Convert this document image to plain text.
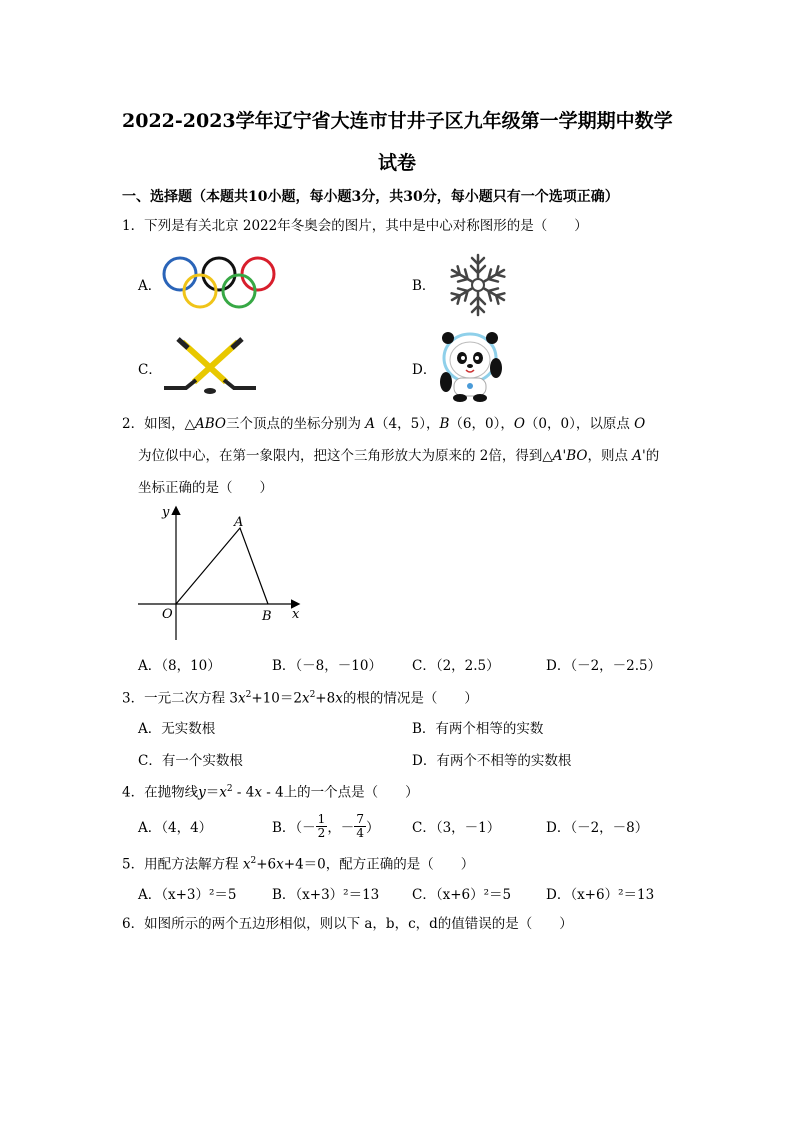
2022-2023学年辽宁省大连市甘井子区九年级第一学期期中数学
试卷
一、选择题（本题共10小题，每小题3分，共30分，每小题只有一个选项正确）
1．下列是有关北京 2022年冬奥会的图片，其中是中心对称图形的是（　　）
A．	B．
C．	D．
2．如图，△ABO三个顶点的坐标分别为 A（4，5），B（6，0），O（0，0），以原点 O
为位似中心，在第一象限内，把这个三角形放大为原来的 2倍，得到△A'BO，则点 A'的
坐标正确的是（　　）
y
x
A
O	B
A．（8，10）	B．（－8，－10） C．（2，2.5）	D．（－2，－2.5）
3．一元二次方程 $3x^2+10=2x^2+8x$的根的情况是（　　）
A．无实数根	B．有两个相等的实数
C．有一个实数根	D．有两个不相等的实数根
4．在抛物线$y=x^2 - 4x - 4$上的一个点是（　　）
A．（4，4）	B．（ － $\frac{1}{2}$ ，－ $\frac{7}{4}$ ） C．（3，－1）	D．（－2，－8）
5．用配方法解方程 $x^2+6x+4=0$，配方正确的是（　　）
A．（x+3）²＝5	B．（x+3）²＝13 C．（x+6）²＝5	D．（x+6）²＝13
6．如图所示的两个五边形相似，则以下 a，b，c，d的值错误的是（　　）
